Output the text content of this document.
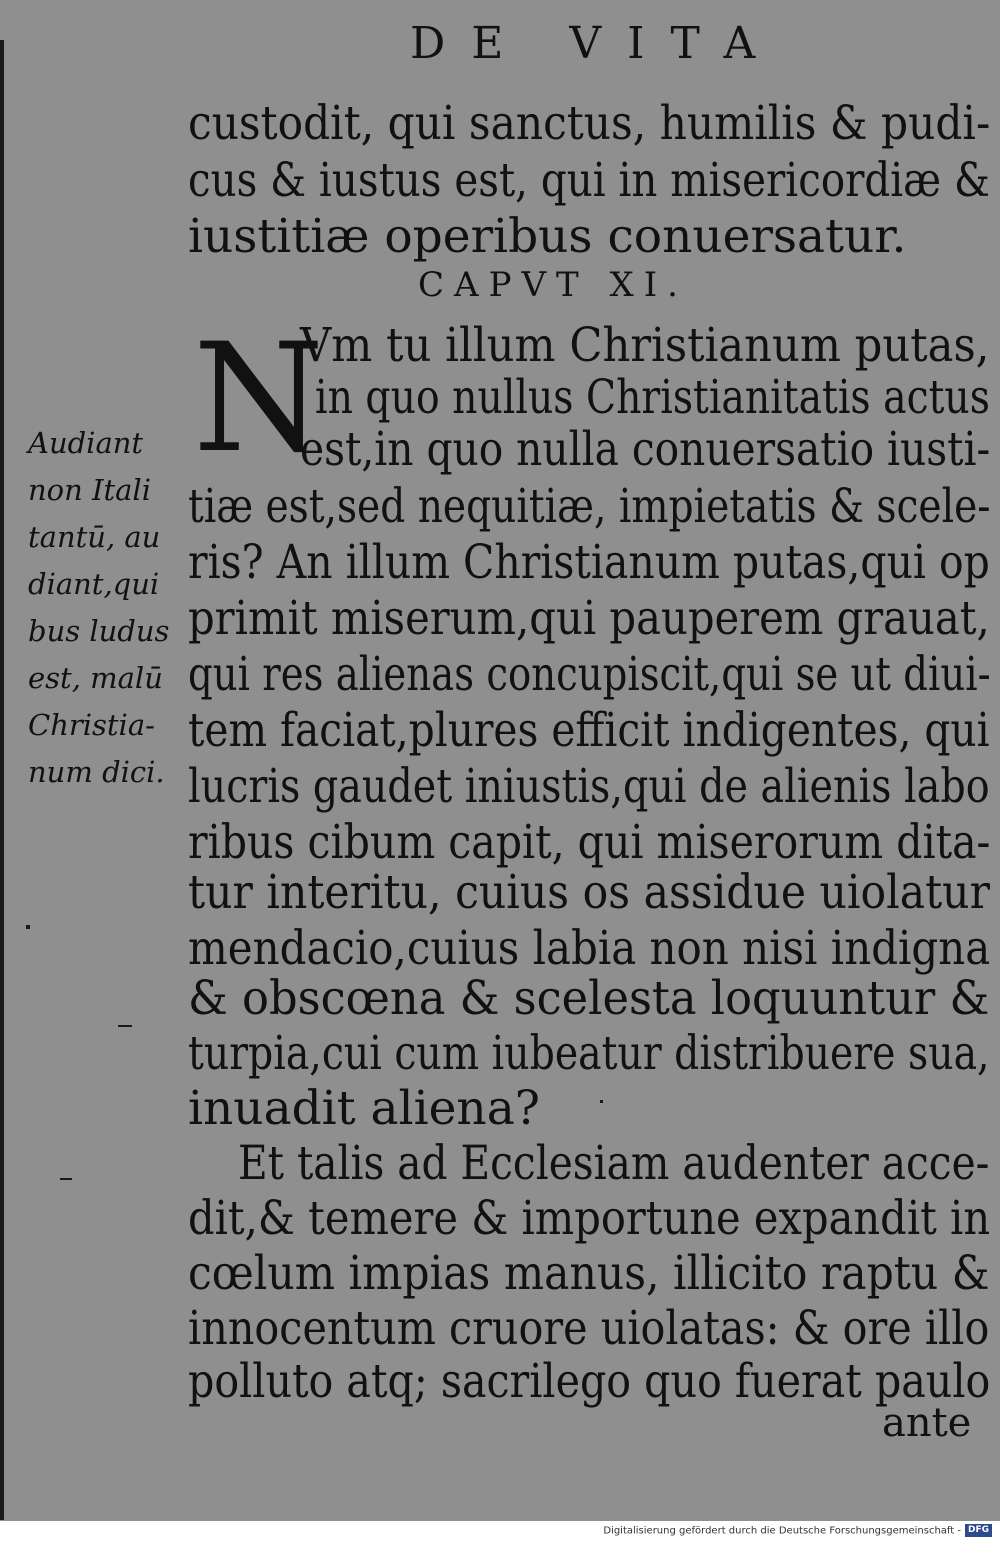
DE VITA
custodit, qui sanctus, humilis & pudi-
cus & iustus est, qui in misericordiæ &
iustitiæ operibus conuersatur.
CAPVT XI.
N
Vm tu illum Christianum putas,
in quo nullus Christianitatis actus
est,in quo nulla conuersatio iusti-
tiæ est,sed nequitiæ, impietatis & scele-
ris? An illum Christianum putas,qui op
primit miserum,qui pauperem grauat,
qui res alienas concupiscit,qui se ut diui-
tem faciat,plures efficit indigentes, qui
lucris gaudet iniustis,qui de alienis labo
ribus cibum capit, qui miserorum dita-
tur interitu, cuius os assidue uiolatur
mendacio,cuius labia non nisi indigna
& obscœna & scelesta loquuntur &
turpia,cui cum iubeatur distribuere sua,
inuadit aliena?
Et talis ad Ecclesiam audenter acce-
dit,& temere & importune expandit in
cœlum impias manus, illicito raptu &
innocentum cruore uiolatas: & ore illo
polluto atq; sacrilego quo fuerat paulo
ante
Audiant
non Itali
tantū, au
diant,qui
bus ludus
est, malū
Christia-
num dici.
Digitalisierung gefördert durch die Deutsche Forschungsgemeinschaft - DFG
